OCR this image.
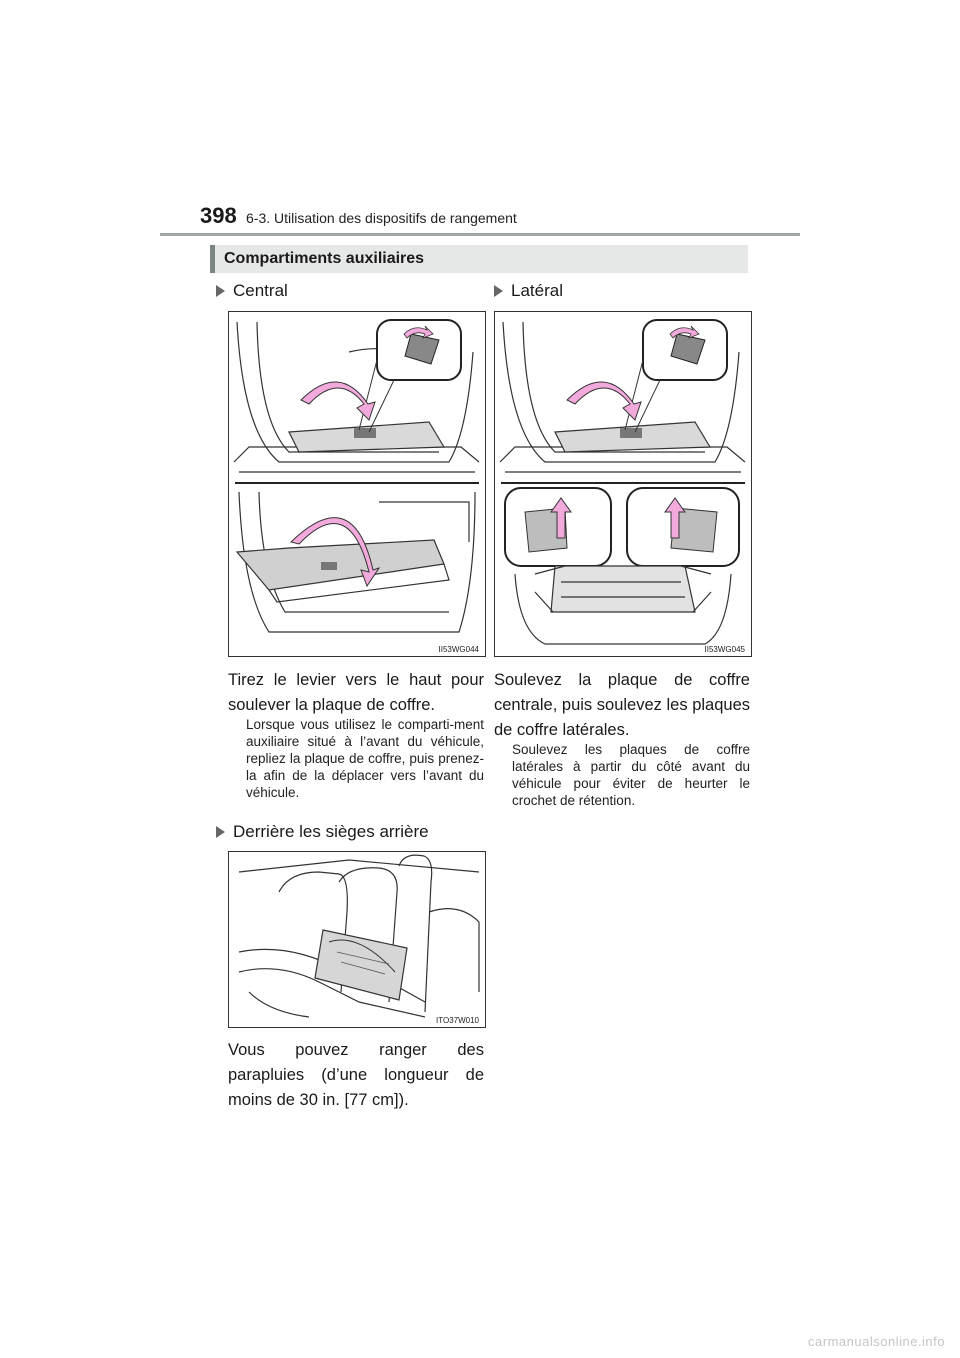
398 6-3. Utilisation des dispositifs de rangement
Compartiments auxiliaires
Central
II53WG044
Tirez le levier vers le haut pour soulever la plaque de coffre.
Lorsque vous utilisez le comparti-ment auxiliaire situé à l’avant du véhicule, repliez la plaque de coffre, puis prenez-la afin de la déplacer vers l’avant du véhicule.
Derrière les sièges arrière
ITO37W010
Vous pouvez ranger des parapluies (d’une longueur de moins de 30 in. [77 cm]).
Latéral
II53WG045
Soulevez la plaque de coffre centrale, puis soulevez les plaques de coffre latérales.
Soulevez les plaques de coffre latérales à partir du côté avant du véhicule pour éviter de heurter le crochet de rétention.
carmanualsonline.info
